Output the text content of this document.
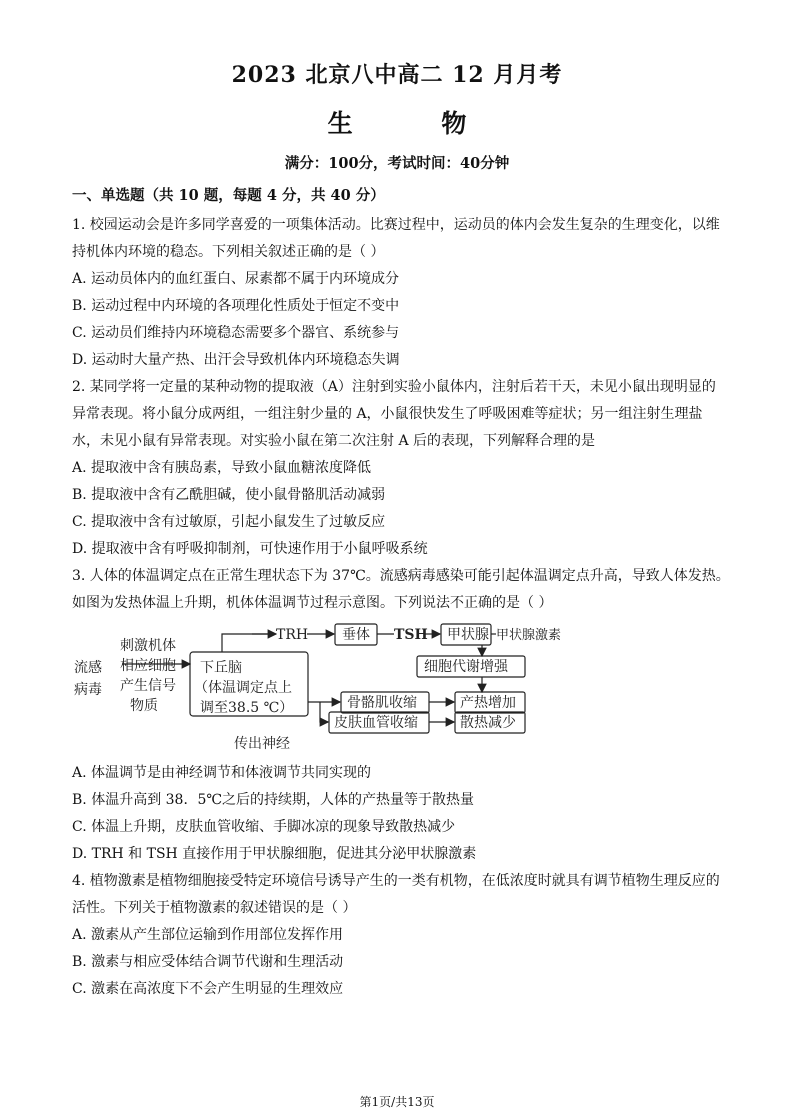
2023 北京八中高二 12 月月考
生 物
满分：100分，考试时间：40分钟
一、单选题（共 10 题，每题 4 分，共 40 分）
1. 校园运动会是许多同学喜爱的一项集体活动。比赛过程中，运动员的体内会发生复杂的生理变化，以维
持机体内环境的稳态。下列相关叙述正确的是（ ）
A. 运动员体内的血红蛋白、尿素都不属于内环境成分
B. 运动过程中内环境的各项理化性质处于恒定不变中
C. 运动员们维持内环境稳态需要多个器官、系统参与
D. 运动时大量产热、出汗会导致机体内环境稳态失调
2. 某同学将一定量的某种动物的提取液（A）注射到实验小鼠体内，注射后若干天，未见小鼠出现明显的
异常表现。将小鼠分成两组，一组注射少量的 A，小鼠很快发生了呼吸困难等症状；另一组注射生理盐
水，未见小鼠有异常表现。对实验小鼠在第二次注射 A 后的表现，下列解释合理的是
A. 提取液中含有胰岛素，导致小鼠血糖浓度降低
B. 提取液中含有乙酰胆碱，使小鼠骨骼肌活动减弱
C. 提取液中含有过敏原，引起小鼠发生了过敏反应
D. 提取液中含有呼吸抑制剂，可快速作用于小鼠呼吸系统
3. 人体的体温调定点在正常生理状态下为 37℃。流感病毒感染可能引起体温调定点升高，导致人体发热。
如图为发热体温上升期，机体体温调节过程示意图。下列说法不正确的是（ ）
流感
病毒
刺激机体
相应细胞
产生信号
物质
下丘脑
（体温调定点上
调至38.5 ℃）
TRH 垂体 TSH 甲状腺 甲状腺激素
细胞代谢增强
骨骼肌收缩	产热增加
皮肤血管收缩	散热减少
传出神经
A. 体温调节是由神经调节和体液调节共同实现的
B. 体温升高到 38．5℃之后的持续期，人体的产热量等于散热量
C. 体温上升期，皮肤血管收缩、手脚冰凉的现象导致散热减少
D. TRH 和 TSH 直接作用于甲状腺细胞，促进其分泌甲状腺激素
4. 植物激素是植物细胞接受特定环境信号诱导产生的一类有机物，在低浓度时就具有调节植物生理反应的
活性。下列关于植物激素的叙述错误的是（ ）
A. 激素从产生部位运输到作用部位发挥作用
B. 激素与相应受体结合调节代谢和生理活动
C. 激素在高浓度下不会产生明显的生理效应
第1页/共13页
